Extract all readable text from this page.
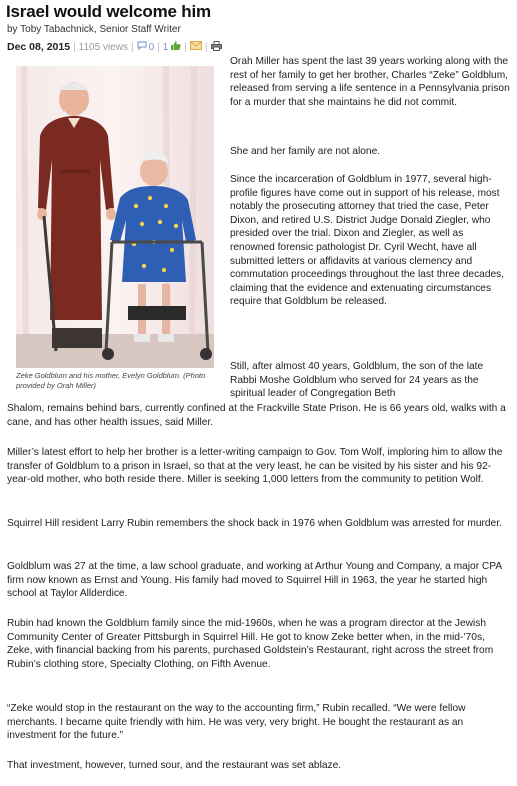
Israel would welcome him
by Toby Tabachnick, Senior Staff Writer
Dec 08, 2015 | 1105 views | 0 | 1 | |
Zeke Goldblum and his mother, Evelyn Goldblum. (Photo provided by Orah Miller)

Orah Miller has spent the last 39 years working along with the rest of her family to get her brother, Charles “Zeke” Goldblum, released from serving a life sentence in a Pennsylvania prison for a murder that she maintains he did not commit.

She and her family are not alone.

Since the incarceration of Goldblum in 1977, several high-profile figures have come out in support of his release, most notably the prosecuting attorney that tried the case, Peter Dixon, and retired U.S. District Judge Donald Ziegler, who presided over the trial. Dixon and Ziegler, as well as renowned forensic pathologist Dr. Cyril Wecht, have all submitted letters or affidavits at various clemency and commutation proceedings throughout the last three decades, claiming that the evidence and extenuating circumstances require that Goldblum be released.

Still, after almost 40 years, Goldblum, the son of the late Rabbi Moshe Goldblum who served for 24 years as the spiritual leader of Congregation Beth

Shalom, remains behind bars, currently confined at the Frackville State Prison. He is 66 years old, walks with a cane, and has other health issues, said Miller.

Miller’s latest effort to help her brother is a letter-writing campaign to Gov. Tom Wolf, imploring him to allow the transfer of Goldblum to a prison in Israel, so that at the very least, he can be visited by his sister and his 92-year-old mother, who both reside there. Miller is seeking 1,000 letters from the community to petition Wolf.

Squirrel Hill resident Larry Rubin remembers the shock back in 1976 when Goldblum was arrested for murder.

Goldblum was 27 at the time, a law school graduate, and working at Arthur Young and Company, a major CPA firm now known as Ernst and Young. His family had moved to Squirrel Hill in 1963, the year he started high school at Taylor Allderdice.

Rubin had known the Goldblum family since the mid-1960s, when he was a program director at the Jewish Community Center of Greater Pittsburgh in Squirrel Hill. He got to know Zeke better when, in the mid-’70s, Zeke, with financial backing from his parents, purchased Goldstein’s Restaurant, right across the street from Rubin’s clothing store, Specialty Clothing, on Fifth Avenue.

“Zeke would stop in the restaurant on the way to the accounting firm,” Rubin recalled. “We were fellow merchants. I became quite friendly with him. He was very, very bright. He bought the restaurant as an investment for the future.”

That investment, however, turned sour, and the restaurant was set ablaze.
